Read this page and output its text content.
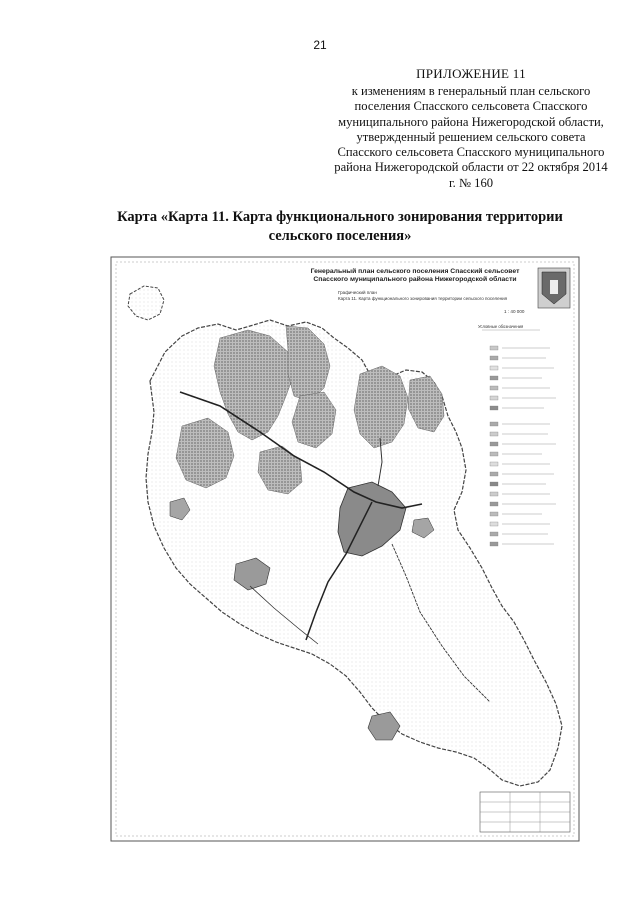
21
ПРИЛОЖЕНИЕ 11
к изменениям в генеральный план сельского поселения Спасского сельсовета Спасского муниципального района Нижегородской области, утвержденный решением сельского совета Спасского сельсовета Спасского муниципального района Нижегородской области от 22 октября 2014 г. № 160
Карта «Карта 11. Карта функционального зонирования территории сельского поселения»
Генеральный план сельского поселения Спасский сельсовет Спасского муниципального района Нижегородской области
Графический план
Карта 11. Карта функционального зонирования территории сельского поселения
1 : 40 000
Условные обозначения
